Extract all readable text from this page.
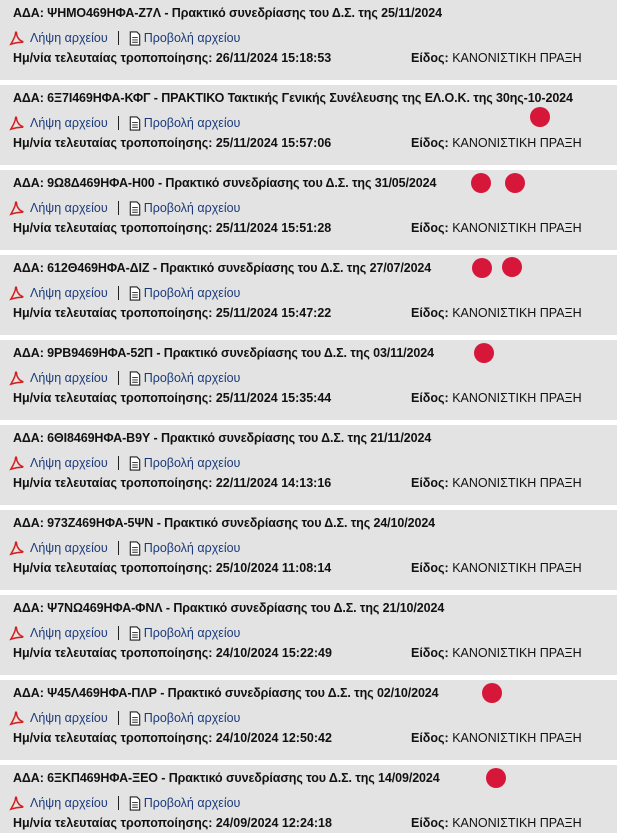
ΑΔΑ: ΨΗΜΟ469ΗΦΑ-Ζ7Λ - Πρακτικό συνεδρίασης του Δ.Σ. της 25/11/2024
Λήψη αρχείου	Προβολή αρχείου
Ημ/νία τελευταίας τροποποίησης: 26/11/2024 15:18:53	Είδος: ΚΑΝΟΝΙΣΤΙΚΗ ΠΡΑΞΗ
ΑΔΑ: 6Ξ7Ι469ΗΦΑ-ΚΦΓ - ΠΡΑΚΤΙΚΟ Τακτικής Γενικής Συνέλευσης της ΕΛ.Ο.Κ. της 30ης-10-2024
Λήψη αρχείου	Προβολή αρχείου
Ημ/νία τελευταίας τροποποίησης: 25/11/2024 15:57:06	Είδος: ΚΑΝΟΝΙΣΤΙΚΗ ΠΡΑΞΗ
ΑΔΑ: 9Ω8Δ469ΗΦΑ-Η00 - Πρακτικό συνεδρίασης του Δ.Σ. της 31/05/2024
Λήψη αρχείου	Προβολή αρχείου
Ημ/νία τελευταίας τροποποίησης: 25/11/2024 15:51:28	Είδος: ΚΑΝΟΝΙΣΤΙΚΗ ΠΡΑΞΗ
ΑΔΑ: 612Θ469ΗΦΑ-ΔΙΖ - Πρακτικό συνεδρίασης του Δ.Σ. της 27/07/2024
Λήψη αρχείου	Προβολή αρχείου
Ημ/νία τελευταίας τροποποίησης: 25/11/2024 15:47:22	Είδος: ΚΑΝΟΝΙΣΤΙΚΗ ΠΡΑΞΗ
ΑΔΑ: 9ΡΒ9469ΗΦΑ-52Π - Πρακτικό συνεδρίασης του Δ.Σ. της 03/11/2024
Λήψη αρχείου	Προβολή αρχείου
Ημ/νία τελευταίας τροποποίησης: 25/11/2024 15:35:44	Είδος: ΚΑΝΟΝΙΣΤΙΚΗ ΠΡΑΞΗ
ΑΔΑ: 6ΘΙ8469ΗΦΑ-Β9Υ - Πρακτικό συνεδρίασης του Δ.Σ. της 21/11/2024
Λήψη αρχείου	Προβολή αρχείου
Ημ/νία τελευταίας τροποποίησης: 22/11/2024 14:13:16	Είδος: ΚΑΝΟΝΙΣΤΙΚΗ ΠΡΑΞΗ
ΑΔΑ: 973Ζ469ΗΦΑ-5ΨΝ - Πρακτικό συνεδρίασης του Δ.Σ. της 24/10/2024
Λήψη αρχείου	Προβολή αρχείου
Ημ/νία τελευταίας τροποποίησης: 25/10/2024 11:08:14	Είδος: ΚΑΝΟΝΙΣΤΙΚΗ ΠΡΑΞΗ
ΑΔΑ: Ψ7ΝΩ469ΗΦΑ-ΦΝΛ - Πρακτικό συνεδρίασης του Δ.Σ. της 21/10/2024
Λήψη αρχείου	Προβολή αρχείου
Ημ/νία τελευταίας τροποποίησης: 24/10/2024 15:22:49	Είδος: ΚΑΝΟΝΙΣΤΙΚΗ ΠΡΑΞΗ
ΑΔΑ: Ψ45Λ469ΗΦΑ-ΠΛΡ - Πρακτικό συνεδρίασης του Δ.Σ. της 02/10/2024
Λήψη αρχείου	Προβολή αρχείου
Ημ/νία τελευταίας τροποποίησης: 24/10/2024 12:50:42	Είδος: ΚΑΝΟΝΙΣΤΙΚΗ ΠΡΑΞΗ
ΑΔΑ: 6ΞΚΠ469ΗΦΑ-ΞΕΟ - Πρακτικό συνεδρίασης του Δ.Σ. της 14/09/2024
Λήψη αρχείου	Προβολή αρχείου
Ημ/νία τελευταίας τροποποίησης: 24/09/2024 12:24:18	Είδος: ΚΑΝΟΝΙΣΤΙΚΗ ΠΡΑΞΗ
